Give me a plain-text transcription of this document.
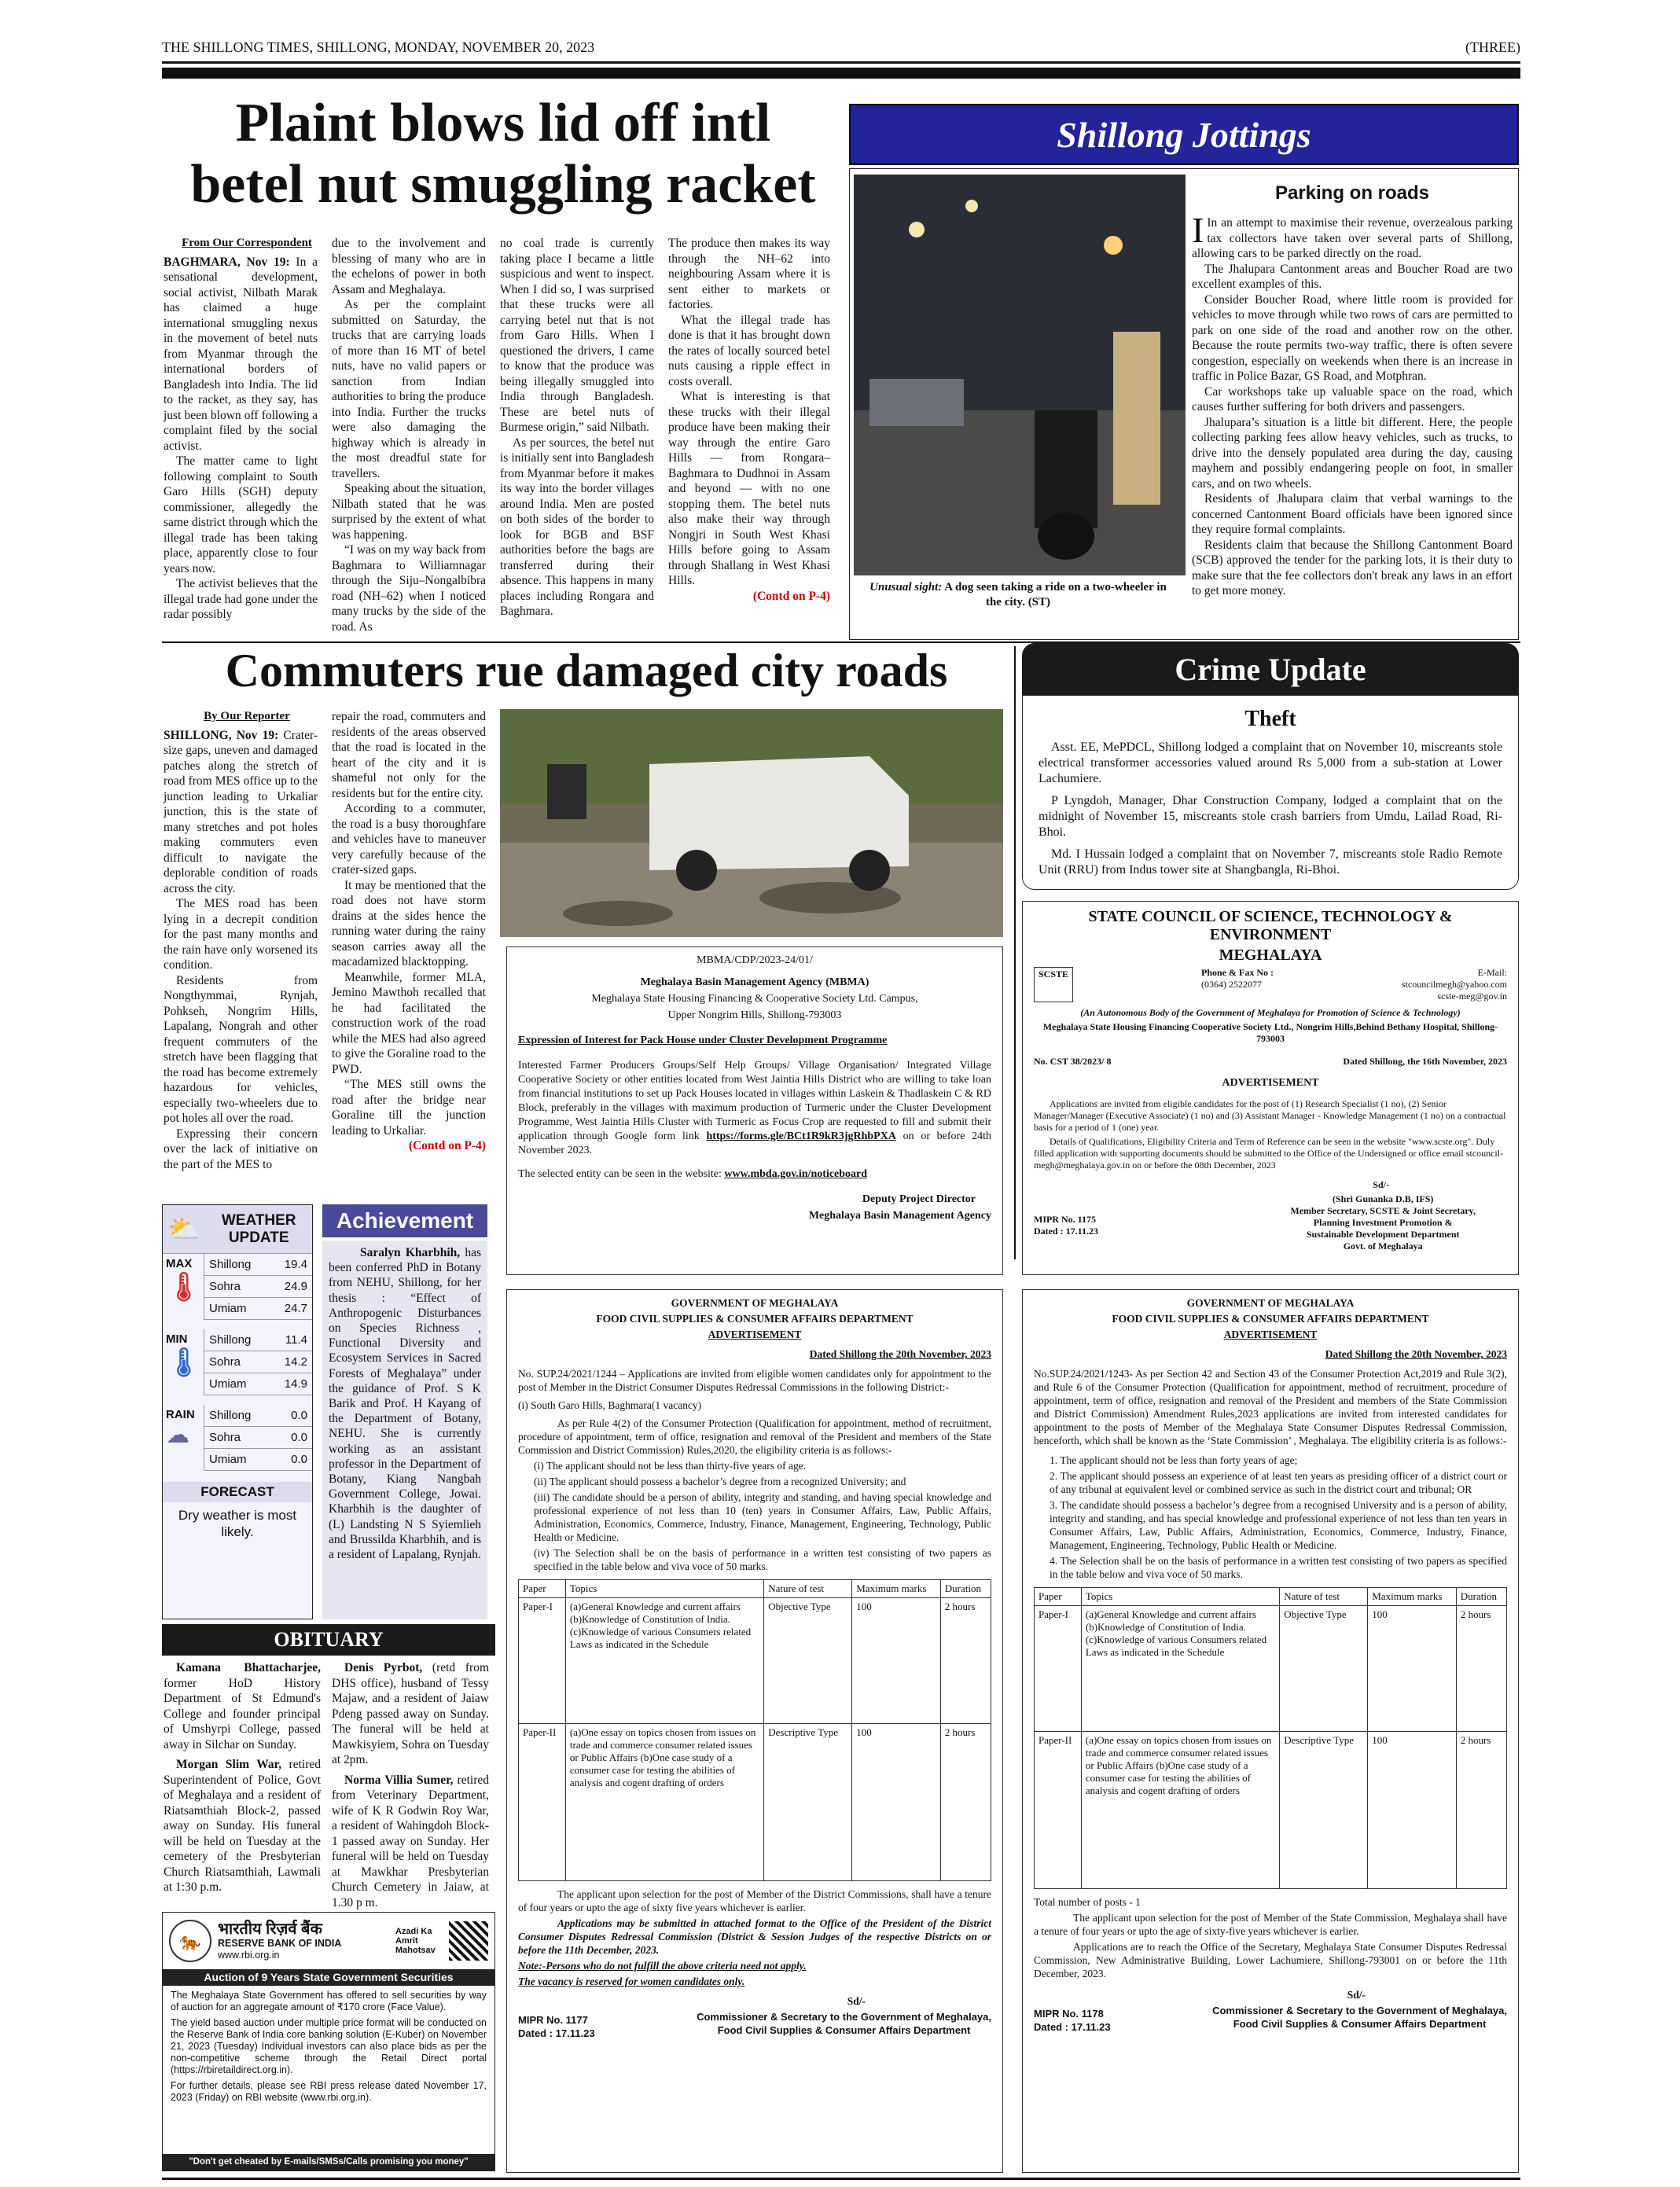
THE SHILLONG TIMES, SHILLONG, MONDAY, NOVEMBER 20, 2023	(THREE)
Plaint blows lid off intl
betel nut smuggling racket

From Our Correspondent

BAGHMARA, Nov 19: In a sensational development, social activist, Nilbath Marak has claimed a huge international smuggling nexus in the movement of betel nuts from Myanmar through the international borders of Bangladesh into India. The lid to the racket, as they say, has just been blown off following a complaint filed by the social activist.

The matter came to light following complaint to South Garo Hills (SGH) deputy commissioner, allegedly the same district through which the illegal trade has been taking place, apparently close to four years now.

The activist believes that the illegal trade had gone under the radar possibly

due to the involvement and blessing of many who are in the echelons of power in both Assam and Meghalaya.

As per the complaint submitted on Saturday, the trucks that are carrying loads of more than 16 MT of betel nuts, have no valid papers or sanction from Indian authorities to bring the produce into India. Further the trucks were also damaging the highway which is already in the most dreadful state for travellers.

Speaking about the situation, Nilbath stated that he was surprised by the extent of what was happening.

“I was on my way back from Baghmara to Williamnagar through the Siju–Nongalbibra road (NH–62) when I noticed many trucks by the side of the road. As

no coal trade is currently taking place I became a little suspicious and went to inspect. When I did so, I was surprised that these trucks were all carrying betel nut that is not from Garo Hills. When I questioned the drivers, I came to know that the produce was being illegally smuggled into India through Bangladesh. These are betel nuts of Burmese origin,” said Nilbath.

As per sources, the betel nut is initially sent into Bangladesh from Myanmar before it makes its way into the border villages around India. Men are posted on both sides of the border to look for BGB and BSF authorities before the bags are transferred during their absence. This happens in many places including Rongara and Baghmara.

The produce then makes its way through the NH–62 into neighbouring Assam where it is sent either to markets or factories.

What the illegal trade has done is that it has brought down the rates of locally sourced betel nuts causing a ripple effect in costs overall.

What is interesting is that these trucks with their illegal produce have been making their way through the entire Garo Hills — from Rongara–Baghmara to Dudhnoi in Assam and beyond — with no one stopping them. The betel nuts also make their way through Nongjri in South West Khasi Hills before going to Assam through Shallang in West Khasi Hills.

(Contd on P-4)

Shillong Jottings
Unusual sight: A dog seen taking a ride on a two-wheeler in the city. (ST)
Parking on roads

I In an attempt to maximise their revenue, overzealous parking tax collectors have taken over several parts of Shillong, allowing cars to be parked directly on the road.

The Jhalupara Cantonment areas and Boucher Road are two excellent examples of this.

Consider Boucher Road, where little room is provided for vehicles to move through while two rows of cars are permitted to park on one side of the road and another row on the other. Because the route permits two-way traffic, there is often severe congestion, especially on weekends when there is an increase in traffic in Police Bazar, GS Road, and Motphran.

Car workshops take up valuable space on the road, which causes further suffering for both drivers and passengers.

Jhalupara’s situation is a little bit different. Here, the people collecting parking fees allow heavy vehicles, such as trucks, to drive into the densely populated area during the day, causing mayhem and possibly endangering people on foot, in smaller cars, and on two wheels.

Residents of Jhalupara claim that verbal warnings to the concerned Cantonment Board officials have been ignored since they require formal complaints.

Residents claim that because the Shillong Cantonment Board (SCB) approved the tender for the parking lots, it is their duty to make sure that the fee collectors don't break any laws in an effort to get more money.

Commuters rue damaged city roads

By Our Reporter

SHILLONG, Nov 19: Crater-size gaps, uneven and damaged patches along the stretch of road from MES office up to the junction leading to Urkaliar junction, this is the state of many stretches and pot holes making commuters even difficult to navigate the deplorable condition of roads across the city.

The MES road has been lying in a decrepit condition for the past many months and the rain have only worsened its condition.

Residents from Nongthymmai, Rynjah, Pohkseh, Nongrim Hills, Lapalang, Nongrah and other frequent commuters of the stretch have been flagging that the road has become extremely hazardous for vehicles, especially two-wheelers due to pot holes all over the road.

Expressing their concern over the lack of initiative on the part of the MES to

repair the road, commuters and residents of the areas observed that the road is located in the heart of the city and it is shameful not only for the residents but for the entire city.

According to a commuter, the road is a busy thoroughfare and vehicles have to maneuver very carefully because of the crater-sized gaps.

It may be mentioned that the road does not have storm drains at the sides hence the running water during the rainy season carries away all the macadamized blacktopping.

Meanwhile, former MLA, Jemino Mawthoh recalled that he had facilitated the construction work of the road while the MES had also agreed to give the Goraline road to the PWD.

“The MES still owns the road after the bridge near Goraline till the junction leading to Urkaliar.

(Contd on P-4)

Crime Update
Theft

Asst. EE, MePDCL, Shillong lodged a complaint that on November 10, miscreants stole electrical transformer accessories valued around Rs 5,000 from a sub-station at Lower Lachumiere.

P Lyngdoh, Manager, Dhar Construction Company, lodged a complaint that on the midnight of November 15, miscreants stole crash barriers from Umdu, Lailad Road, Ri-Bhoi.

Md. I Hussain lodged a complaint that on November 7, miscreants stole Radio Remote Unit (RRU) from Indus tower site at Shangbangla, Ri-Bhoi.

MBMA/CDP/2023-24/01/

Meghalaya Basin Management Agency (MBMA)

Meghalaya State Housing Financing & Cooperative Society Ltd. Campus,

Upper Nongrim Hills, Shillong-793003

Expression of Interest for Pack House under Cluster Development Programme

Interested Farmer Producers Groups/Self Help Groups/ Village Organisation/ Integrated Village Cooperative Society or other entities located from West Jaintia Hills District who are willing to take loan from financial institutions to set up Pack Houses located in villages within Laskein & Thadlaskein C & RD Block, preferably in the villages with maximum production of Turmeric under the Cluster Development Programme, West Jaintia Hills Cluster with Turmeric as Focus Crop are requested to fill and submit their application through Google form link https://forms.gle/BCt1R9kR3jgRhbPXA on or before 24th November 2023.

The selected entity can be seen in the website: www.mbda.gov.in/noticeboard

Deputy Project Director

Meghalaya Basin Management Agency

STATE COUNCIL OF SCIENCE, TECHNOLOGY & ENVIRONMENT

MEGHALAYA

SCSTE	Phone & Fax No :
(0364) 2522077
E-Mail:
stcouncilmegh@yahoo.com
scste-meg@gov.in

(An Autonomous Body of the Government of Meghalaya for Promotion of Science & Technology)

Meghalaya State Housing Financing Cooperative Society Ltd., Nongrim Hills,Behind Bethany Hospital, Shillong-793003

No. CST 38/2023/ 8	Dated Shillong, the 16th November, 2023

ADVERTISEMENT

Applications are invited from eligible candidates for the post of (1) Research Specialist (1 no), (2) Senior Manager/Manager (Executive Associate) (1 no) and (3) Assistant Manager - Knowledge Management (1 no) on a contractual basis for a period of 1 (one) year.

Details of Qualifications, Eligibility Criteria and Term of Reference can be seen in the website "www.scste.org". Duly filled application with supporting documents should be submitted to the Office of the Undersigned or office email stcouncil-megh@meghalaya.gov.in on or before the 08th December, 2023

Sd/-

MIPR No. 1175
Dated : 17.11.23
(Shri Gunanka D.B, IFS)
Member Secretary, SCSTE & Joint Secretary,
Planning Investment Promotion &
Sustainable Development Department
Govt. of Meghalaya
⛅	WEATHER
UPDATE
MAX
🌡
Shillong	19.4
Sohra	24.9
Umiam	24.7
MIN
🌡
Shillong	11.4
Sohra	14.2
Umiam	14.9
RAIN
☁
Shillong	0.0
Sohra	0.0
Umiam	0.0
FORECAST
Dry weather is most likely.
Achievement

Saralyn Kharbhih, has been conferred PhD in Botany from NEHU, Shillong, for her thesis : “Effect of Anthropogenic Disturbances on Species Richness , Functional Diversity and Ecosystem Services in Sacred Forests of Meghalaya” under the guidance of Prof. S K Barik and Prof. H Kayang of the Department of Botany, NEHU. She is currently working as an assistant professor in the Department of Botany, Kiang Nangbah Government College, Jowai. Kharbhih is the daughter of (L) Landsting N S Syiemlieh and Brussilda Kharbhih, and is a resident of Lapalang, Rynjah.

OBITUARY

Kamana Bhattacharjee, former HoD History Department of St Edmund's College and founder principal of Umshyrpi College, passed away in Silchar on Sunday.

Morgan Slim War, retired Superintendent of Police, Govt of Meghalaya and a resident of Riatsamthiah Block-2, passed away on Sunday. His funeral will be held on Tuesday at the cemetery of the Presbyterian Church Riatsamthiah, Lawmali at 1:30 p.m.

Denis Pyrbot, (retd from DHS office), husband of Tessy Majaw, and a resident of Jaiaw Pdeng passed away on Sunday. The funeral will be held at Mawkisyiem, Sohra on Tuesday at 2pm.

Norma Villia Sumer, retired from Veterinary Department, wife of K R Godwin Roy War, a resident of Wahingdoh Block-1 passed away on Sunday. Her funeral will be held on Tuesday at Mawkhar Presbyterian Church Cemetery in Jaiaw, at 1.30 p m.

🐅
भारतीय रिज़र्व बैंक
RESERVE BANK OF INDIA
www.rbi.org.in
Azadi Ka Amrit Mahotsav
Auction of 9 Years State Government Securities

The Meghalaya State Government has offered to sell securities by way of auction for an aggregate amount of ₹170 crore (Face Value).

The yield based auction under multiple price format will be conducted on the Reserve Bank of India core banking solution (E-Kuber) on November 21, 2023 (Tuesday) Individual investors can also place bids as per the non-competitive scheme through the Retail Direct portal (https://rbiretaildirect.org.in).

For further details, please see RBI press release dated November 17, 2023 (Friday) on RBI website (www.rbi.org.in).

"Don't get cheated by E-mails/SMSs/Calls promising you money"

GOVERNMENT OF MEGHALAYA

FOOD CIVIL SUPPLIES & CONSUMER AFFAIRS DEPARTMENT

ADVERTISEMENT

Dated Shillong the 20th November, 2023

No. SUP.24/2021/1244 – Applications are invited from eligible women candidates only for appointment to the post of Member in the District Consumer Disputes Redressal Commissions in the following District:-

(i) South Garo Hills, Baghmara(1 vacancy)

As per Rule 4(2) of the Consumer Protection (Qualification for appointment, method of recruitment, procedure of appointment, term of office, resignation and removal of the President and members of the State Commission and District Commission) Rules,2020, the eligibility criteria is as follows:-

(i) The applicant should not be less than thirty-five years of age.

(ii) The applicant should possess a bachelor’s degree from a recognized University; and

(iii) The candidate should be a person of ability, integrity and standing, and having special knowledge and professional experience of not less than 10 (ten) years in Consumer Affairs, Law, Public Affairs, Administration, Economics, Commerce, Industry, Finance, Management, Engineering, Technology, Public Health or Medicine.

(iv) The Selection shall be on the basis of performance in a written test consisting of two papers as specified in the table below and viva voce of 50 marks.

Paper	Topics	Nature of test	Maximum marks	Duration
Paper-I	(a)General Knowledge and current affairs (b)Knowledge of Constitution of India. (c)Knowledge of various Consumers related Laws as indicated in the Schedule	Objective Type	100	2 hours
Paper-II	(a)One essay on topics chosen from issues on trade and commerce consumer related issues or Public Affairs (b)One case study of a consumer case for testing the abilities of analysis and cogent drafting of orders	Descriptive Type	100	2 hours

The applicant upon selection for the post of Member of the District Commissions, shall have a tenure of four years or upto the age of sixty five years whichever is earlier.

Applications may be submitted in attached format to the Office of the President of the District Consumer Disputes Redressal Commission (District & Session Judges of the respective Districts on or before the 11th December, 2023.

Note:-Persons who do not fulfill the above criteria need not apply.

The vacancy is reserved for women candidates only.

Sd/-

MIPR No. 1177
Dated : 17.11.23
Commissioner & Secretary to the Government of Meghalaya,
Food Civil Supplies & Consumer Affairs Department

GOVERNMENT OF MEGHALAYA

FOOD CIVIL SUPPLIES & CONSUMER AFFAIRS DEPARTMENT

ADVERTISEMENT

Dated Shillong the 20th November, 2023

No.SUP.24/2021/1243- As per Section 42 and Section 43 of the Consumer Protection Act,2019 and Rule 3(2), and Rule 6 of the Consumer Protection (Qualification for appointment, method of recruitment, procedure of appointment, term of office, resignation and removal of the President and members of the State Commission and District Commission) Amendment Rules,2023 applications are invited from interested candidates for appointment to the posts of Member of the Meghalaya State Consumer Disputes Redressal Commission, henceforth, which shall be known as the ‘State Commission’ , Meghalaya. The eligibility criteria is as follows:-

1. The applicant should not be less than forty years of age;

2. The applicant should possess an experience of at least ten years as presiding officer of a district court or of any tribunal at equivalent level or combined service as such in the district court and tribunal; OR

3. The candidate should possess a bachelor’s degree from a recognised University and is a person of ability, integrity and standing, and has special knowledge and professional experience of not less than ten years in Consumer Affairs, Law, Public Affairs, Administration, Economics, Commerce, Industry, Finance, Management, Engineering, Technology, Public Health or Medicine.

4. The Selection shall be on the basis of performance in a written test consisting of two papers as specified in the table below and viva voce of 50 marks.

Paper	Topics	Nature of test	Maximum marks	Duration
Paper-I	(a)General Knowledge and current affairs (b)Knowledge of Constitution of India. (c)Knowledge of various Consumers related Laws as indicated in the Schedule	Objective Type	100	2 hours
Paper-II	(a)One essay on topics chosen from issues on trade and commerce consumer related issues or Public Affairs (b)One case study of a consumer case for testing the abilities of analysis and cogent drafting of orders	Descriptive Type	100	2 hours

Total number of posts - 1

The applicant upon selection for the post of Member of the State Commission, Meghalaya shall have a tenure of four years or upto the age of sixty-five years whichever is earlier.

Applications are to reach the Office of the Secretary, Meghalaya State Consumer Disputes Redressal Commission, New Administrative Building, Lower Lachumiere, Shillong-793001 on or before the 11th December, 2023.

Sd/-

MIPR No. 1178
Dated : 17.11.23
Commissioner & Secretary to the Government of Meghalaya,
Food Civil Supplies & Consumer Affairs Department
